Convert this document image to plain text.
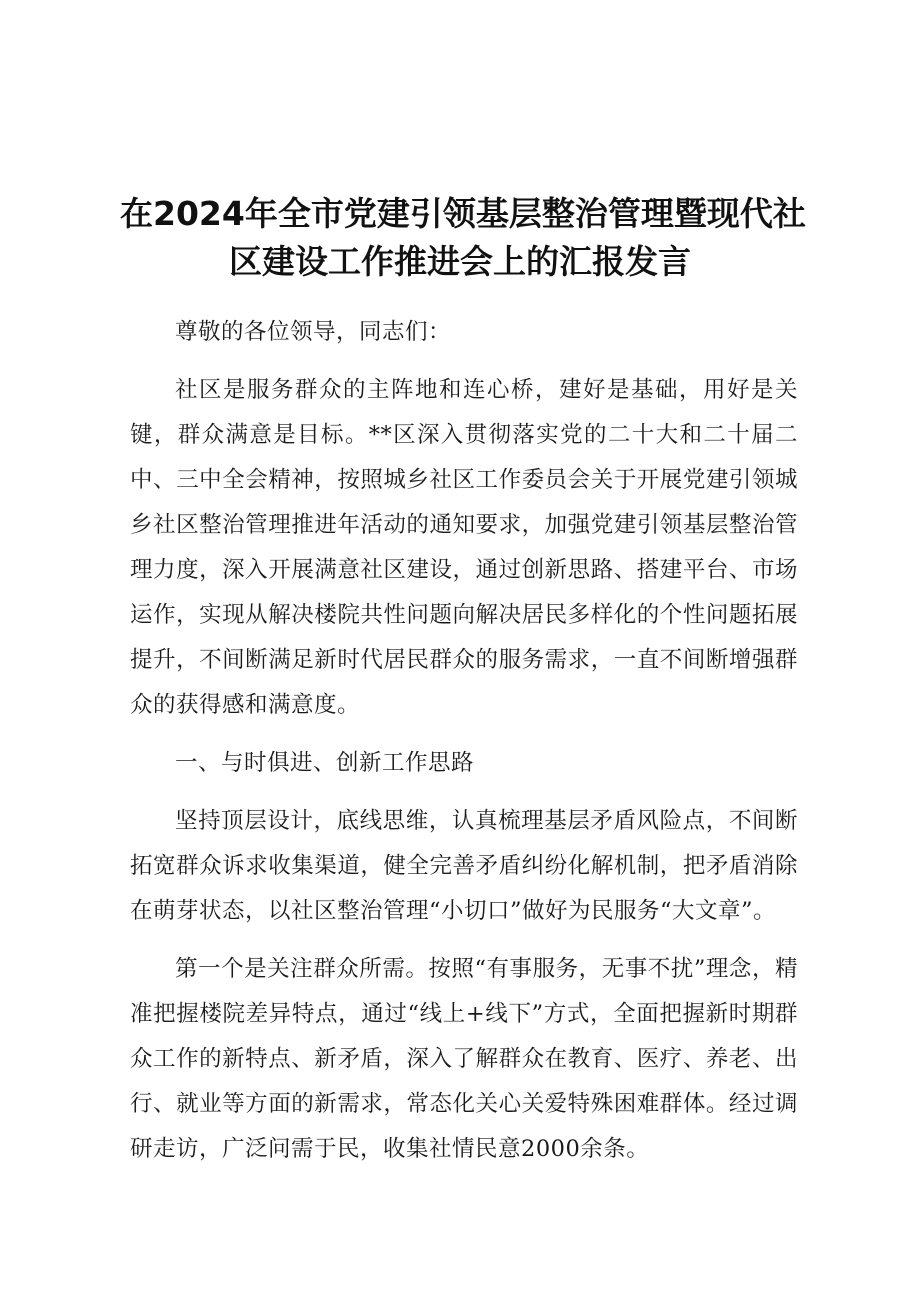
在2024年全市党建引领基层整治管理暨现代社
区建设工作推进会上的汇报发言

尊敬的各位领导，同志们：

社区是服务群众的主阵地和连心桥，建好是基础，用好是关键，群众满意是目标。**区深入贯彻落实党的二十大和二十届二中、三中全会精神，按照城乡社区工作委员会关于开展党建引领城乡社区整治管理推进年活动的通知要求，加强党建引领基层整治管理力度，深入开展满意社区建设，通过创新思路、搭建平台、市场运作，实现从解决楼院共性问题向解决居民多样化的个性问题拓展提升，不间断满足新时代居民群众的服务需求，一直不间断增强群众的获得感和满意度。

一、与时俱进、创新工作思路

坚持顶层设计，底线思维，认真梳理基层矛盾风险点，不间断拓宽群众诉求收集渠道，健全完善矛盾纠纷化解机制，把矛盾消除在萌芽状态，以社区整治管理“小切口”做好为民服务“大文章”。

第一个是关注群众所需。按照“有事服务，无事不扰”理念，精准把握楼院差异特点，通过“线上+线下”方式，全面把握新时期群众工作的新特点、新矛盾，深入了解群众在教育、医疗、养老、出行、就业等方面的新需求，常态化关心关爱特殊困难群体。经过调研走访，广泛问需于民，收集社情民意2000余条。
